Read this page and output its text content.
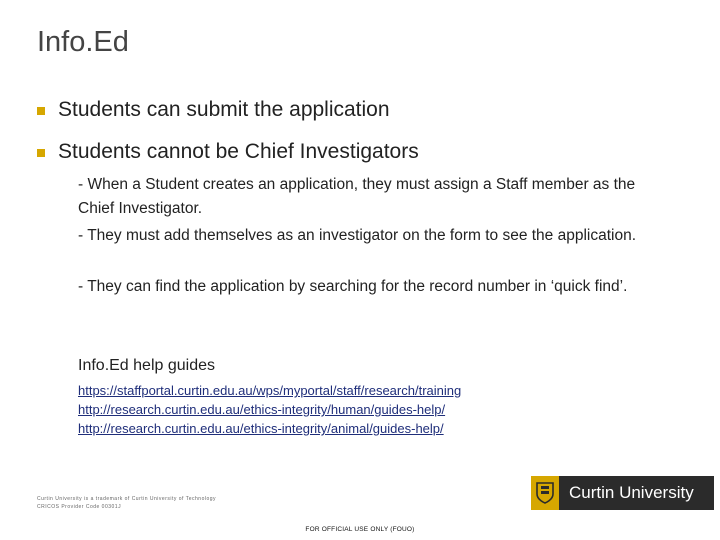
Info.Ed
Students can submit the application
Students cannot be Chief Investigators
- When a Student creates an application, they must assign a Staff member as the Chief Investigator.
- They must add themselves as an investigator on the form to see the application.
- They can find the application by searching for the record number in ‘quick find’.
Info.Ed help guides
https://staffportal.curtin.edu.au/wps/myportal/staff/research/training
http://research.curtin.edu.au/ethics-integrity/human/guides-help/
http://research.curtin.edu.au/ethics-integrity/animal/guides-help/
Curtin University is a trademark of Curtin University of Technology
CRICOS Provider Code 00301J
Curtin University
FOR OFFICIAL USE ONLY (FOUO)
